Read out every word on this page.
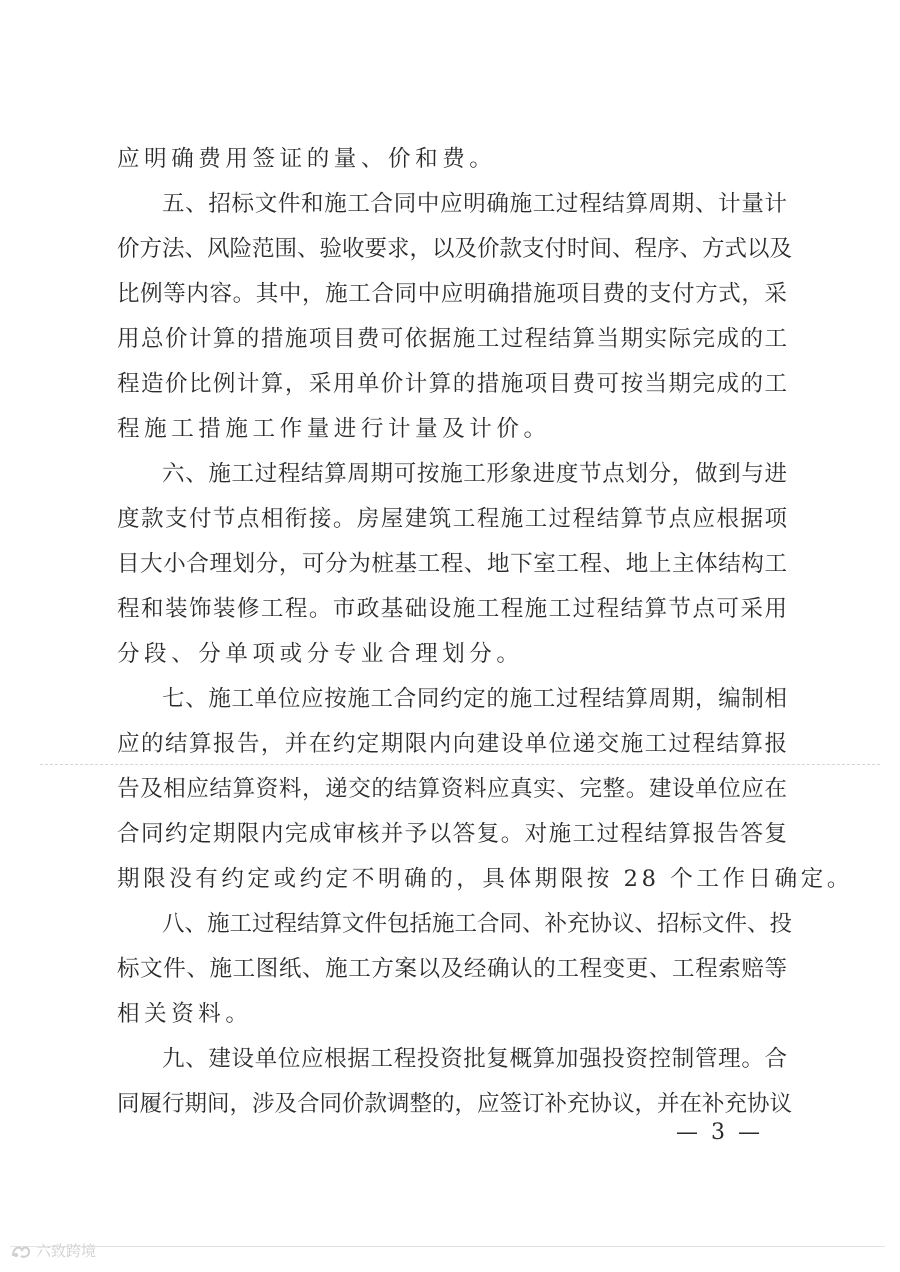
应明确费用签证的量、价和费。
五、招标文件和施工合同中应明确施工过程结算周期、计量计
价方法、风险范围、验收要求，以及价款支付时间、程序、方式以及
比例等内容。其中，施工合同中应明确措施项目费的支付方式，采
用总价计算的措施项目费可依据施工过程结算当期实际完成的工
程造价比例计算，采用单价计算的措施项目费可按当期完成的工
程施工措施工作量进行计量及计价。
六、施工过程结算周期可按施工形象进度节点划分，做到与进
度款支付节点相衔接。房屋建筑工程施工过程结算节点应根据项
目大小合理划分，可分为桩基工程、地下室工程、地上主体结构工
程和装饰装修工程。市政基础设施工程施工过程结算节点可采用
分段、分单项或分专业合理划分。
七、施工单位应按施工合同约定的施工过程结算周期，编制相
应的结算报告，并在约定期限内向建设单位递交施工过程结算报
告及相应结算资料，递交的结算资料应真实、完整。建设单位应在
合同约定期限内完成审核并予以答复。对施工过程结算报告答复
期限没有约定或约定不明确的，具体期限按 28 个工作日确定。
八、施工过程结算文件包括施工合同、补充协议、招标文件、投
标文件、施工图纸、施工方案以及经确认的工程变更、工程索赔等
相关资料。
九、建设单位应根据工程投资批复概算加强投资控制管理。合
同履行期间，涉及合同价款调整的，应签订补充协议，并在补充协议
— 3 —
六致跨境
